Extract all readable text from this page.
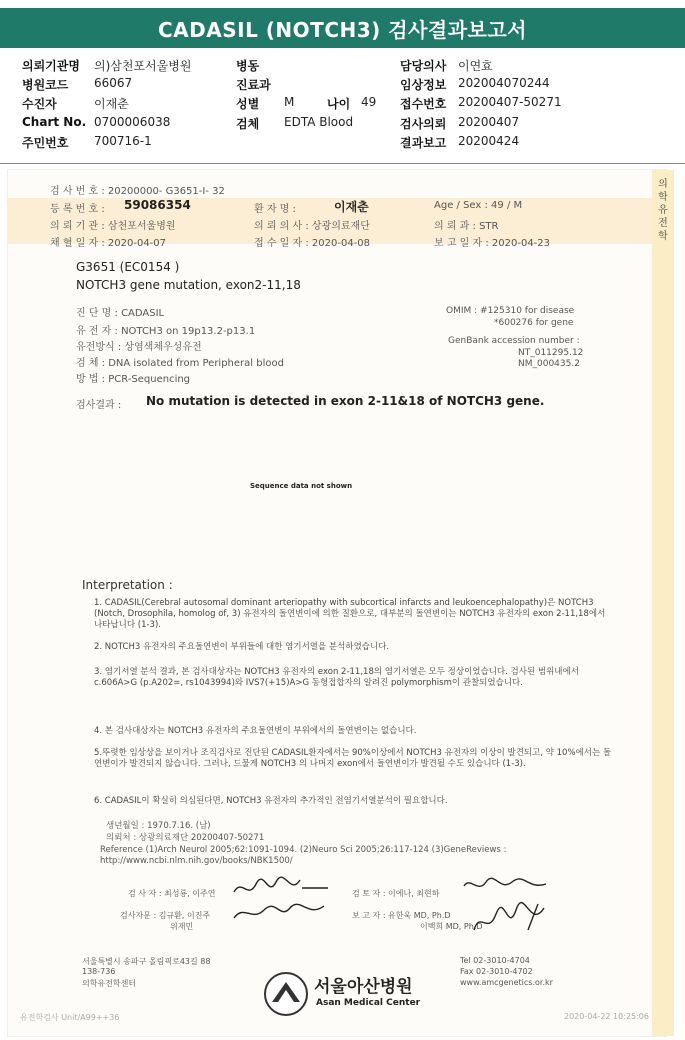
CADASIL (NOTCH3) 검사결과보고서
의뢰기관명 의)삼천포서울병원
병원코드 66067
수진자	이재춘
Chart No. 0700006038
주민번호 700716-1
병동
진료과
성별 M	나이 49
검체 EDTA Blood
담당의사 이연효
임상정보 202004070244
접수번호 20200407-50271
검사의뢰 20200407
결과보고 20200424
의학유전학
검 사 번 호 : 20200000- G3651-I- 32
등 록 번 호 : 59086354	환 자 명 :	이재춘	Age / Sex : 49 / M
의 뢰 기 관 : 삼천포서울병원	의 뢰 의 사 : 상광의료재단	의 뢰 과 : STR
채 혈 일 자 : 2020-04-07	접 수 일 자 : 2020-04-08	보 고 일 자 : 2020-04-23
G3651 (EC0154 )
NOTCH3 gene mutation, exon2-11,18
진 단 명 : CADASIL
유 전 자 : NOTCH3 on 19p13.2-p13.1
유전방식 : 상염색체우성유전
검 체 : DNA isolated from Peripheral blood
방 법 : PCR-Sequencing
OMIM : #125310 for disease
*600276 for gene
GenBank accession number :
NT_011295.12
NM_000435.2
검사결과 : No mutation is detected in exon 2-11&18 of NOTCH3 gene.
Sequence data not shown
Interpretation :
1. CADASIL(Cerebral autosomal dominant arteriopathy with subcortical infarcts and leukoencephalopathy)은 NOTCH3 (Notch, Drosophila, homolog of, 3) 유전자의 돌연변이에 의한 질환으로, 대부분의 돌연변이는 NOTCH3 유전자의 exon 2-11,18에서 나타납니다 (1-3).
2. NOTCH3 유전자의 주요돌연변이 부위들에 대한 염기서열을 분석하였습니다.
3. 염기서열 분석 결과, 본 검사대상자는 NOTCH3 유전자의 exon 2-11,18의 염기서열은 모두 정상이었습니다. 검사된 범위내에서 c.606A>G (p.A202=, rs1043994)와 IVS7(+15)A>G 동형접합자의 알려진 polymorphism이 관찰되었습니다.
4. 본 검사대상자는 NOTCH3 유전자의 주요돌연변이 부위에서의 돌연변이는 없습니다.
5.뚜렷한 임상상을 보이거나 조직검사로 진단된 CADASIL환자에서는 90%이상에서 NOTCH3 유전자의 이상이 발견되고, 약 10%에서는 돌연변이가 발견되지 않습니다. 그러나, 드물게 NOTCH3 의 나머지 exon에서 돌연변이가 발견될 수도 있습니다 (1-3).
6. CADASIL이 확실히 의심된다면, NOTCH3 유전자의 추가적인 전염기서열분석이 필요합니다.
생년월일 : 1970.7.16. (남)
의뢰처 : 상광의료재단 20200407-50271
Reference (1)Arch Neurol 2005;62:1091-1094. (2)Neuro Sci 2005;26:117-124 (3)GeneReviews :
http://www.ncbi.nlm.nih.gov/books/NBK1500/
검 사 자 : 최성룡, 이주연
검사자문 : 김규환, 이진주
위재민
검 토 자 : 이에나, 최현하
보 고 자 : 유한욱 MD, Ph.D
이백희 MD, Ph.D
서울특별시 송파구 올림픽로43길 88
138-736
의학유전학센터
Tel 02-3010-4704
Fax 02-3010-4702
www.amcgenetics.or.kr
서울아산병원
Asan Medical Center
유전학검사 Unit/A99++36	2020-04-22 10:25:06
